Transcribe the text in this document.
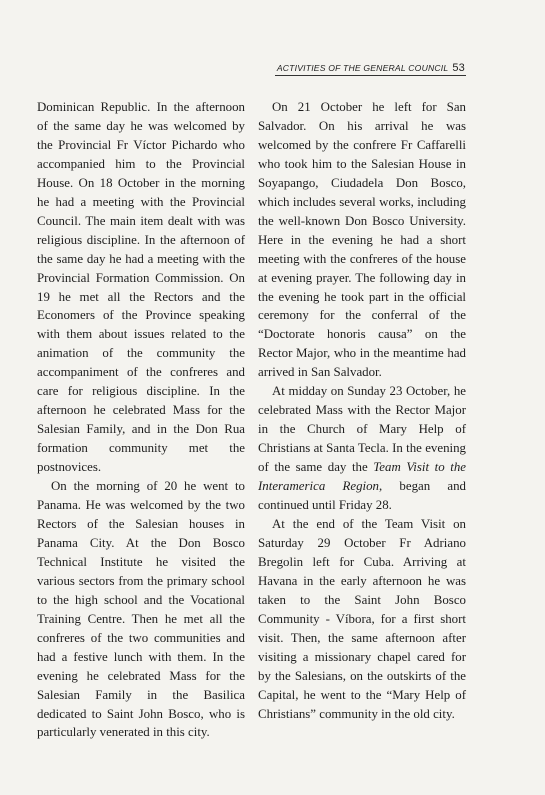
ACTIVITIES OF THE GENERAL COUNCIL 53

Dominican Republic. In the afternoon of the same day he was welcomed by the Provincial Fr Víctor Pichardo who accompanied him to the Provincial House. On 18 October in the morning he had a meeting with the Provincial Council. The main item dealt with was religious discipline. In the afternoon of the same day he had a meeting with the Provincial Formation Commission. On 19 he met all the Rectors and the Economers of the Province speaking with them about issues related to the animation of the community the accompaniment of the confreres and care for religious discipline. In the afternoon he celebrated Mass for the Salesian Family, and in the Don Rua formation community met the postnovices.

On the morning of 20 he went to Panama. He was welcomed by the two Rectors of the Salesian houses in Panama City. At the Don Bosco Technical Institute he visited the various sectors from the primary school to the high school and the Vocational Training Centre. Then he met all the confreres of the two communities and had a festive lunch with them. In the evening he celebrated Mass for the Salesian Family in the Basilica dedicated to Saint John Bosco, who is particularly venerated in this city.

On 21 October he left for San Salvador. On his arrival he was welcomed by the confrere Fr Caffarelli who took him to the Salesian House in Soyapango, Ciudadela Don Bosco, which includes several works, including the well-known Don Bosco University. Here in the evening he had a short meeting with the confreres of the house at evening prayer. The following day in the evening he took part in the official ceremony for the conferral of the “Doctorate honoris causa” on the Rector Major, who in the meantime had arrived in San Salvador.

At midday on Sunday 23 October, he celebrated Mass with the Rector Major in the Church of Mary Help of Christians at Santa Tecla. In the evening of the same day the Team Visit to the Interamerica Region, began and continued until Friday 28.

At the end of the Team Visit on Saturday 29 October Fr Adriano Bregolin left for Cuba. Arriving at Havana in the early afternoon he was taken to the Saint John Bosco Community - Víbora, for a first short visit. Then, the same afternoon after visiting a missionary chapel cared for by the Salesians, on the outskirts of the Capital, he went to the “Mary Help of Christians” community in the old city.
